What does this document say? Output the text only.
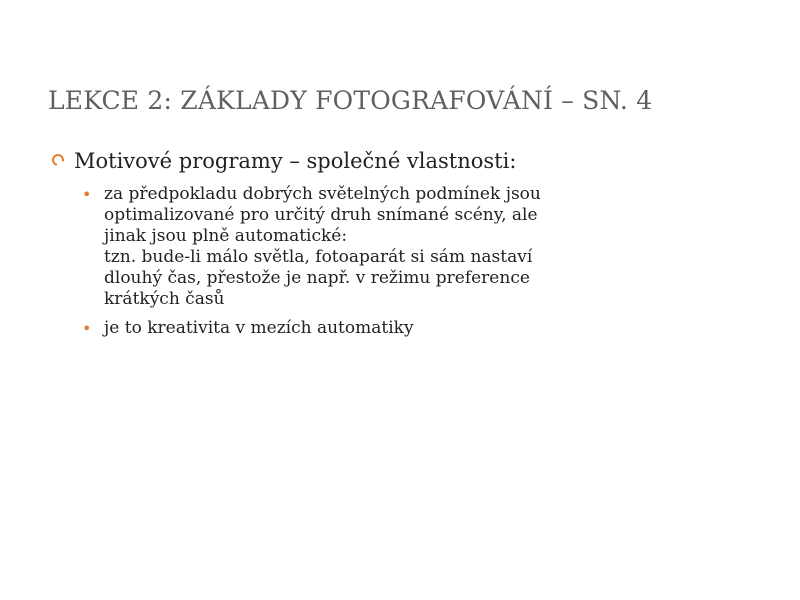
LEKCE 2: ZÁKLADY FOTOGRAFOVÁNÍ – SN. 4
Motivové programy – společné vlastnosti:
• za předpokladu dobrých světelných podmínek jsou
optimalizované pro určitý druh snímané scény, ale
jinak jsou plně automatické:
tzn. bude-li málo světla, fotoaparát si sám nastaví
dlouhý čas, přestože je např. v režimu preference
krátkých časů
• je to kreativita v mezích automatiky
